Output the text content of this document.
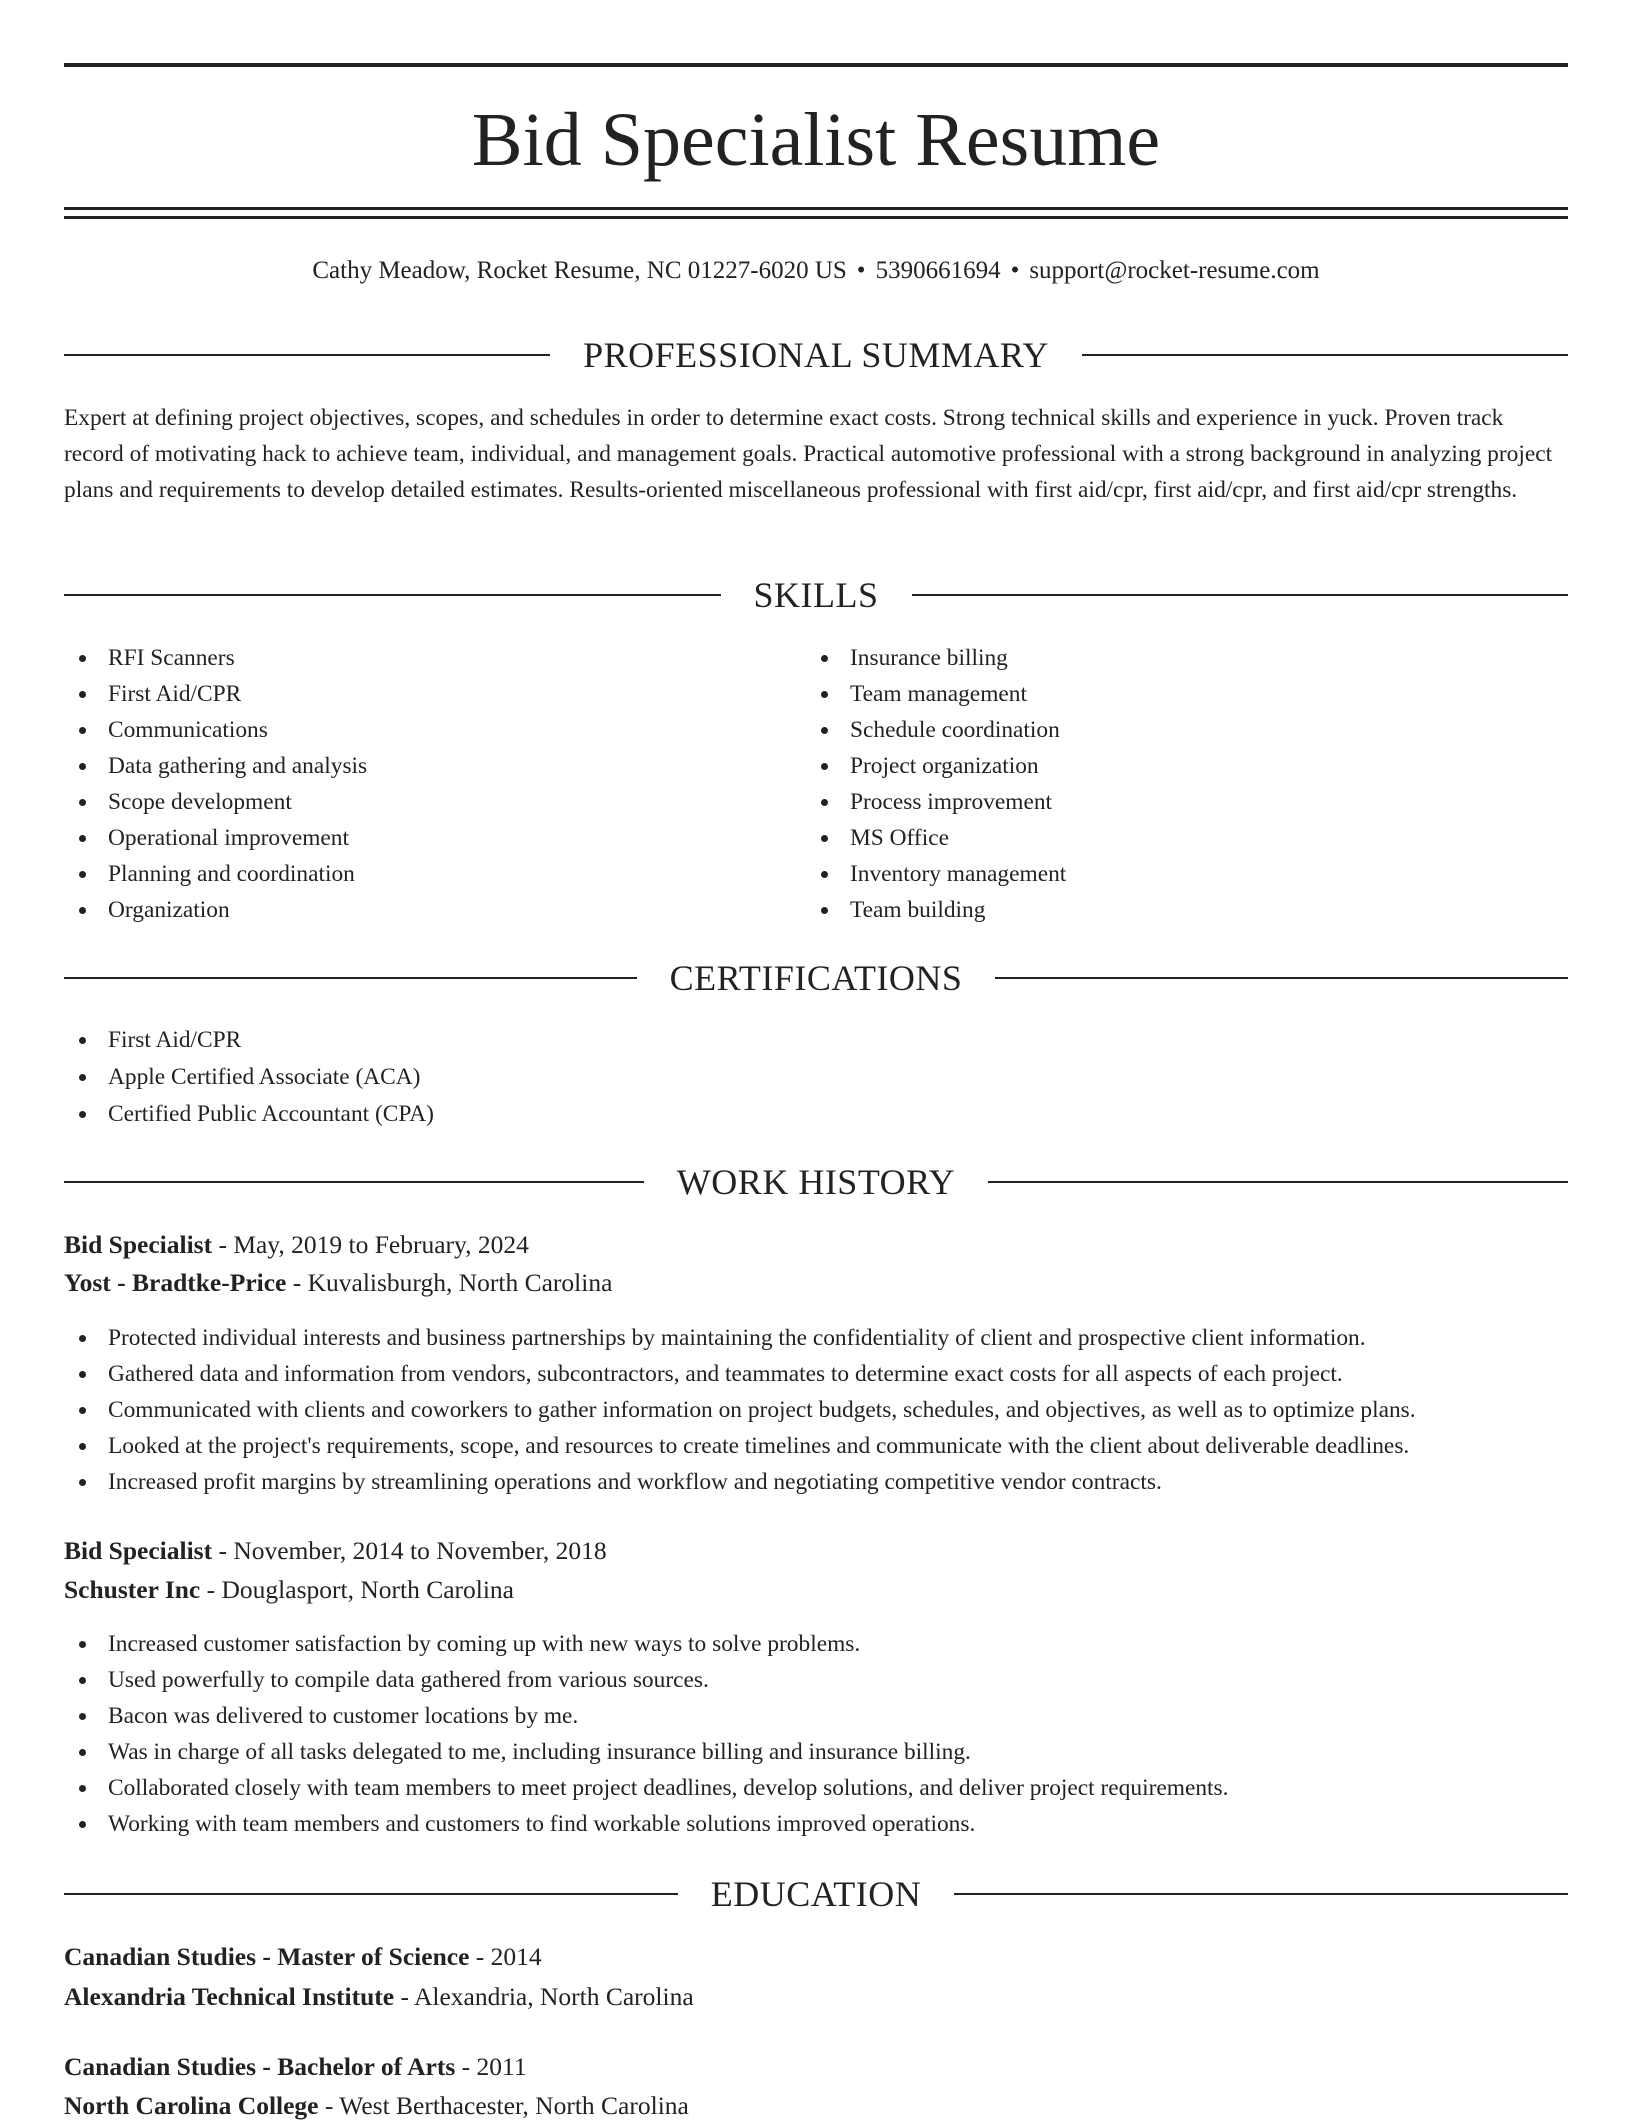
Bid Specialist Resume
Cathy Meadow, Rocket Resume, NC 01227-6020 US • 5390661694 • support@rocket-resume.com
PROFESSIONAL SUMMARY

Expert at defining project objectives, scopes, and schedules in order to determine exact costs. Strong technical skills and experience in yuck. Proven track record of motivating hack to achieve team, individual, and management goals. Practical automotive professional with a strong background in analyzing project plans and requirements to develop detailed estimates. Results-oriented miscellaneous professional with first aid/cpr, first aid/cpr, and first aid/cpr strengths.

SKILLS
RFI Scanners
First Aid/CPR
Communications
Data gathering and analysis
Scope development
Operational improvement
Planning and coordination
Organization
Insurance billing
Team management
Schedule coordination
Project organization
Process improvement
MS Office
Inventory management
Team building
CERTIFICATIONS
First Aid/CPR
Apple Certified Associate (ACA)
Certified Public Accountant (CPA)
WORK HISTORY
Bid Specialist - May, 2019 to February, 2024
Yost - Bradtke-Price - Kuvalisburgh, North Carolina
Protected individual interests and business partnerships by maintaining the confidentiality of client and prospective client information.
Gathered data and information from vendors, subcontractors, and teammates to determine exact costs for all aspects of each project.
Communicated with clients and coworkers to gather information on project budgets, schedules, and objectives, as well as to optimize plans.
Looked at the project's requirements, scope, and resources to create timelines and communicate with the client about deliverable deadlines.
Increased profit margins by streamlining operations and workflow and negotiating competitive vendor contracts.
Bid Specialist - November, 2014 to November, 2018
Schuster Inc - Douglasport, North Carolina
Increased customer satisfaction by coming up with new ways to solve problems.
Used powerfully to compile data gathered from various sources.
Bacon was delivered to customer locations by me.
Was in charge of all tasks delegated to me, including insurance billing and insurance billing.
Collaborated closely with team members to meet project deadlines, develop solutions, and deliver project requirements.
Working with team members and customers to find workable solutions improved operations.
EDUCATION
Canadian Studies - Master of Science - 2014
Alexandria Technical Institute - Alexandria, North Carolina
Canadian Studies - Bachelor of Arts - 2011
North Carolina College - West Berthacester, North Carolina
